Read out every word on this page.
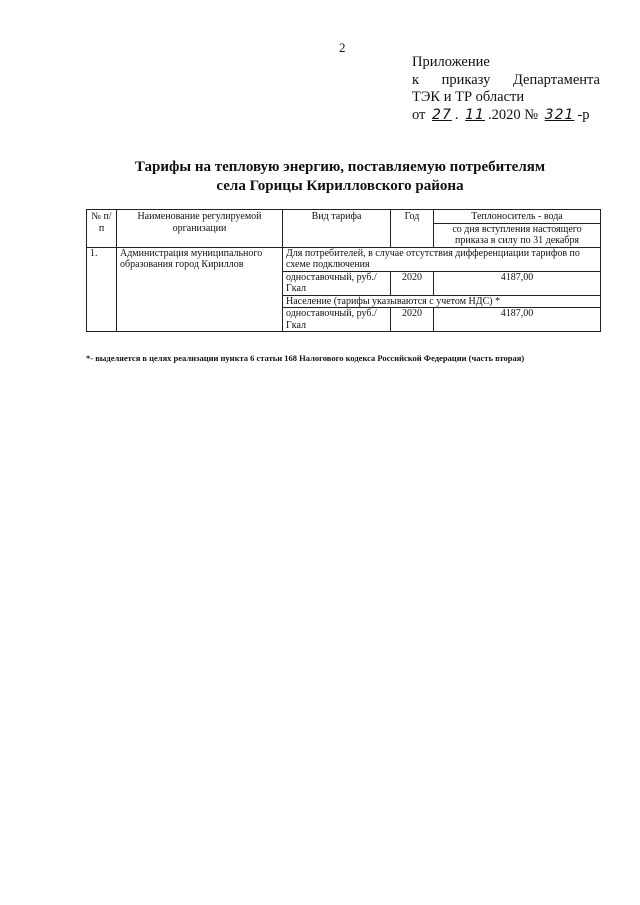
2
Приложение
к приказу Департамента
ТЭК и ТР области
от 27 . 11 .2020 № 321 -р
Тарифы на тепловую энергию, поставляемую потребителям
села Горицы Кирилловского района
№ п/п	Наименование регулируемой организации	Вид тарифа	Год	Теплоноситель - вода
				со дня вступления настоящего приказа в силу по 31 декабря
1.	Администрация муниципального образования город Кириллов	Для потребителей, в случае отсутствия дифференциации тарифов по схеме подключения		
		одноставочный, руб./Гкал	2020	4187,00
		Население (тарифы указываются с учетом НДС) *		
		одноставочный, руб./Гкал	2020	4187,00
*- выделяется в целях реализации пункта 6 статьи 168 Налогового кодекса Российской Федерации (часть вторая)
